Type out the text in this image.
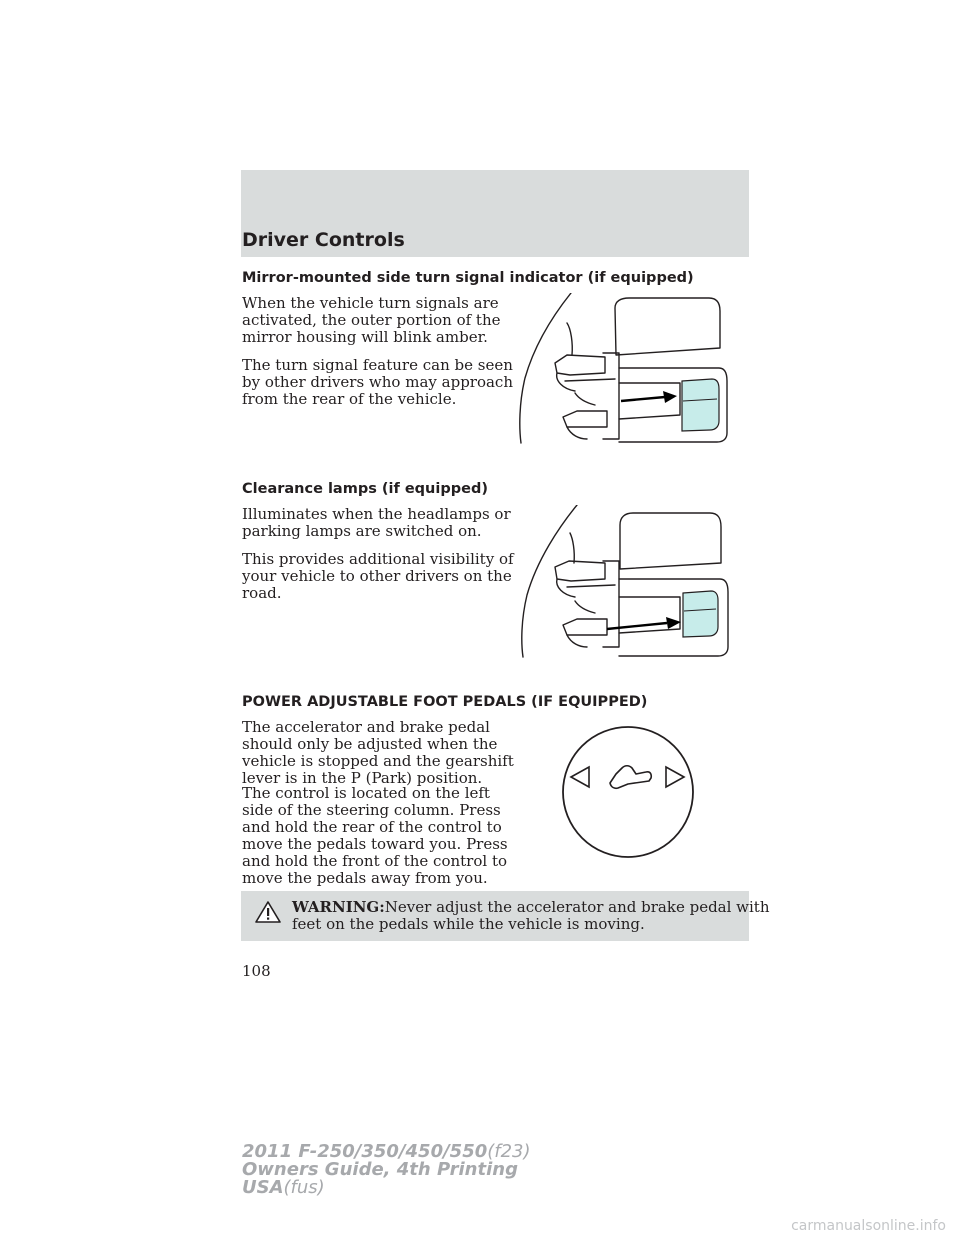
Driver Controls
Mirror-mounted side turn signal indicator (if equipped)
When the vehicle turn signals are
activated, the outer portion of the
mirror housing will blink amber.
The turn signal feature can be seen
by other drivers who may approach
from the rear of the vehicle.
Clearance lamps (if equipped)
Illuminates when the headlamps or
parking lamps are switched on.
This provides additional visibility of
your vehicle to other drivers on the
road.
POWER ADJUSTABLE FOOT PEDALS (IF EQUIPPED)
The accelerator and brake pedal
should only be adjusted when the
vehicle is stopped and the gearshift
lever is in the P (Park) position.
The control is located on the left
side of the steering column. Press
and hold the rear of the control to
move the pedals toward you. Press
and hold the front of the control to
move the pedals away from you.
WARNING:Never adjust the accelerator and brake pedal with
feet on the pedals while the vehicle is moving.
108
2011 F-250/350/450/550(f23)
Owners Guide, 4th Printing
USA(fus)
carmanualsonline.info
